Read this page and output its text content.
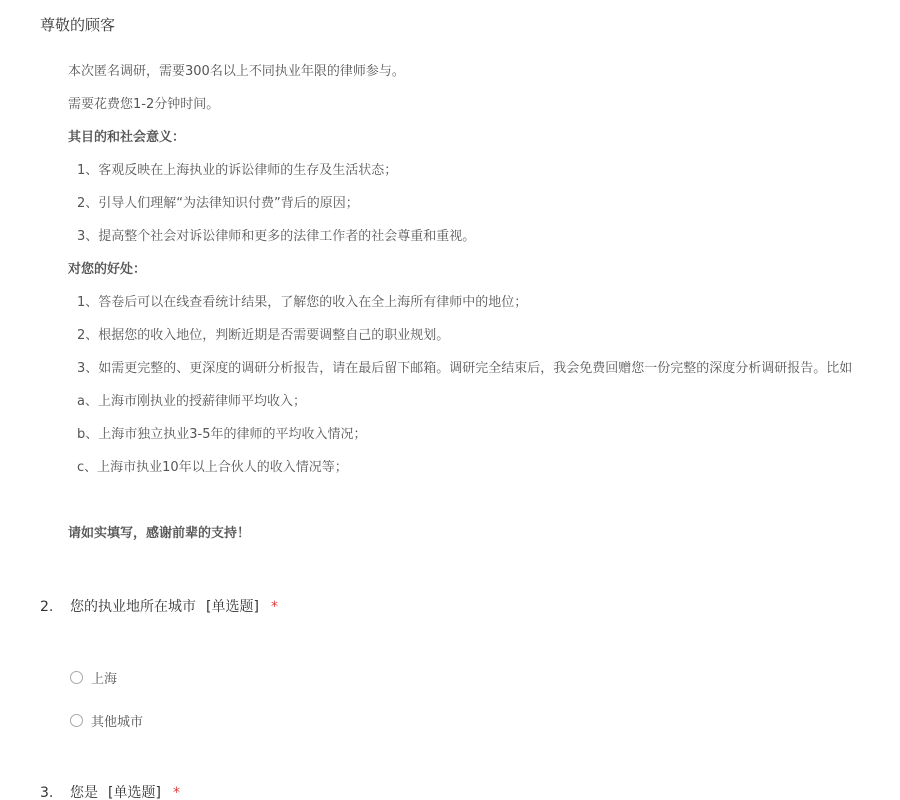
尊敬的顾客
本次匿名调研，需要300名以上不同执业年限的律师参与。
需要花费您1-2分钟时间。
其目的和社会意义：
1、客观反映在上海执业的诉讼律师的生存及生活状态；
2、引导人们理解“为法律知识付费”背后的原因；
3、提高整个社会对诉讼律师和更多的法律工作者的社会尊重和重视。
对您的好处：
1、答卷后可以在线查看统计结果，了解您的收入在全上海所有律师中的地位；
2、根据您的收入地位，判断近期是否需要调整自己的职业规划。
3、如需更完整的、更深度的调研分析报告，请在最后留下邮箱。调研完全结束后，我会免费回赠您一份完整的深度分析调研报告。比如
a、上海市刚执业的授薪律师平均收入；
b、上海市独立执业3-5年的律师的平均收入情况；
c、上海市执业10年以上合伙人的收入情况等；
请如实填写，感谢前辈的支持！
2. 您的执业地所在城市 [单选题] *
上海
其他城市
3. 您是 [单选题] *
